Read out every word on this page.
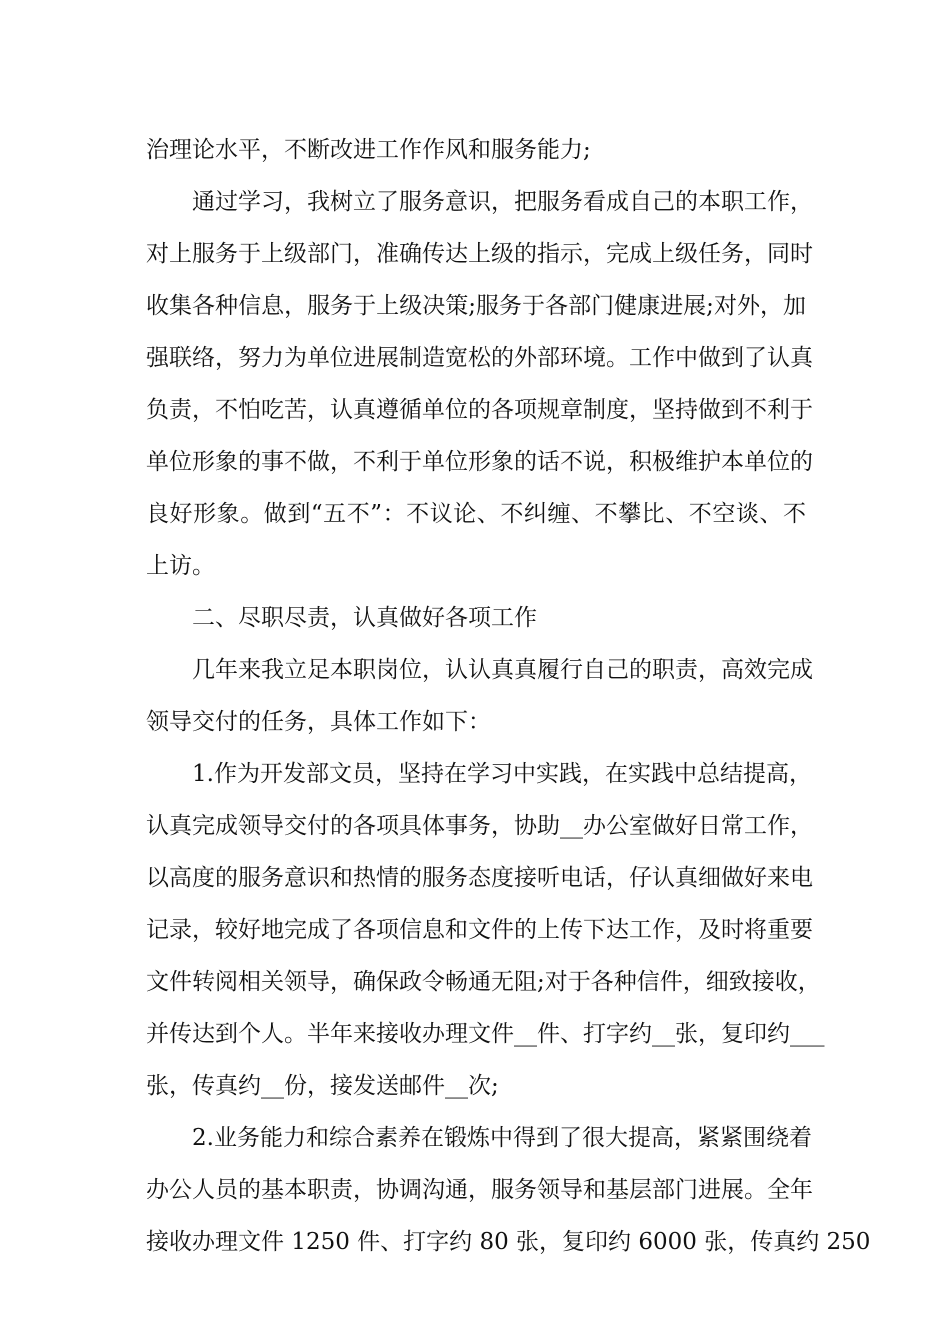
治理论水平，不断改进工作作风和服务能力;
通过学习，我树立了服务意识，把服务看成自己的本职工作，
对上服务于上级部门，准确传达上级的指示，完成上级任务，同时
收集各种信息，服务于上级决策;服务于各部门健康进展;对外，加
强联络，努力为单位进展制造宽松的外部环境。工作中做到了认真
负责，不怕吃苦，认真遵循单位的各项规章制度，坚持做到不利于
单位形象的事不做，不利于单位形象的话不说，积极维护本单位的
良好形象。做到“五不”：不议论、不纠缠、不攀比、不空谈、不
上访。
二、尽职尽责，认真做好各项工作
几年来我立足本职岗位，认认真真履行自己的职责，高效完成
领导交付的任务，具体工作如下：
1.作为开发部文员，坚持在学习中实践，在实践中总结提高，
认真完成领导交付的各项具体事务，协助__办公室做好日常工作，
以高度的服务意识和热情的服务态度接听电话，仔认真细做好来电
记录，较好地完成了各项信息和文件的上传下达工作，及时将重要
文件转阅相关领导，确保政令畅通无阻;对于各种信件，细致接收，
并传达到个人。半年来接收办理文件__件、打字约__张，复印约___
张，传真约__份，接发送邮件__次;
2.业务能力和综合素养在锻炼中得到了很大提高，紧紧围绕着
办公人员的基本职责，协调沟通，服务领导和基层部门进展。全年
接收办理文件 1250 件、打字约 80 张，复印约 6000 张，传真约 250
